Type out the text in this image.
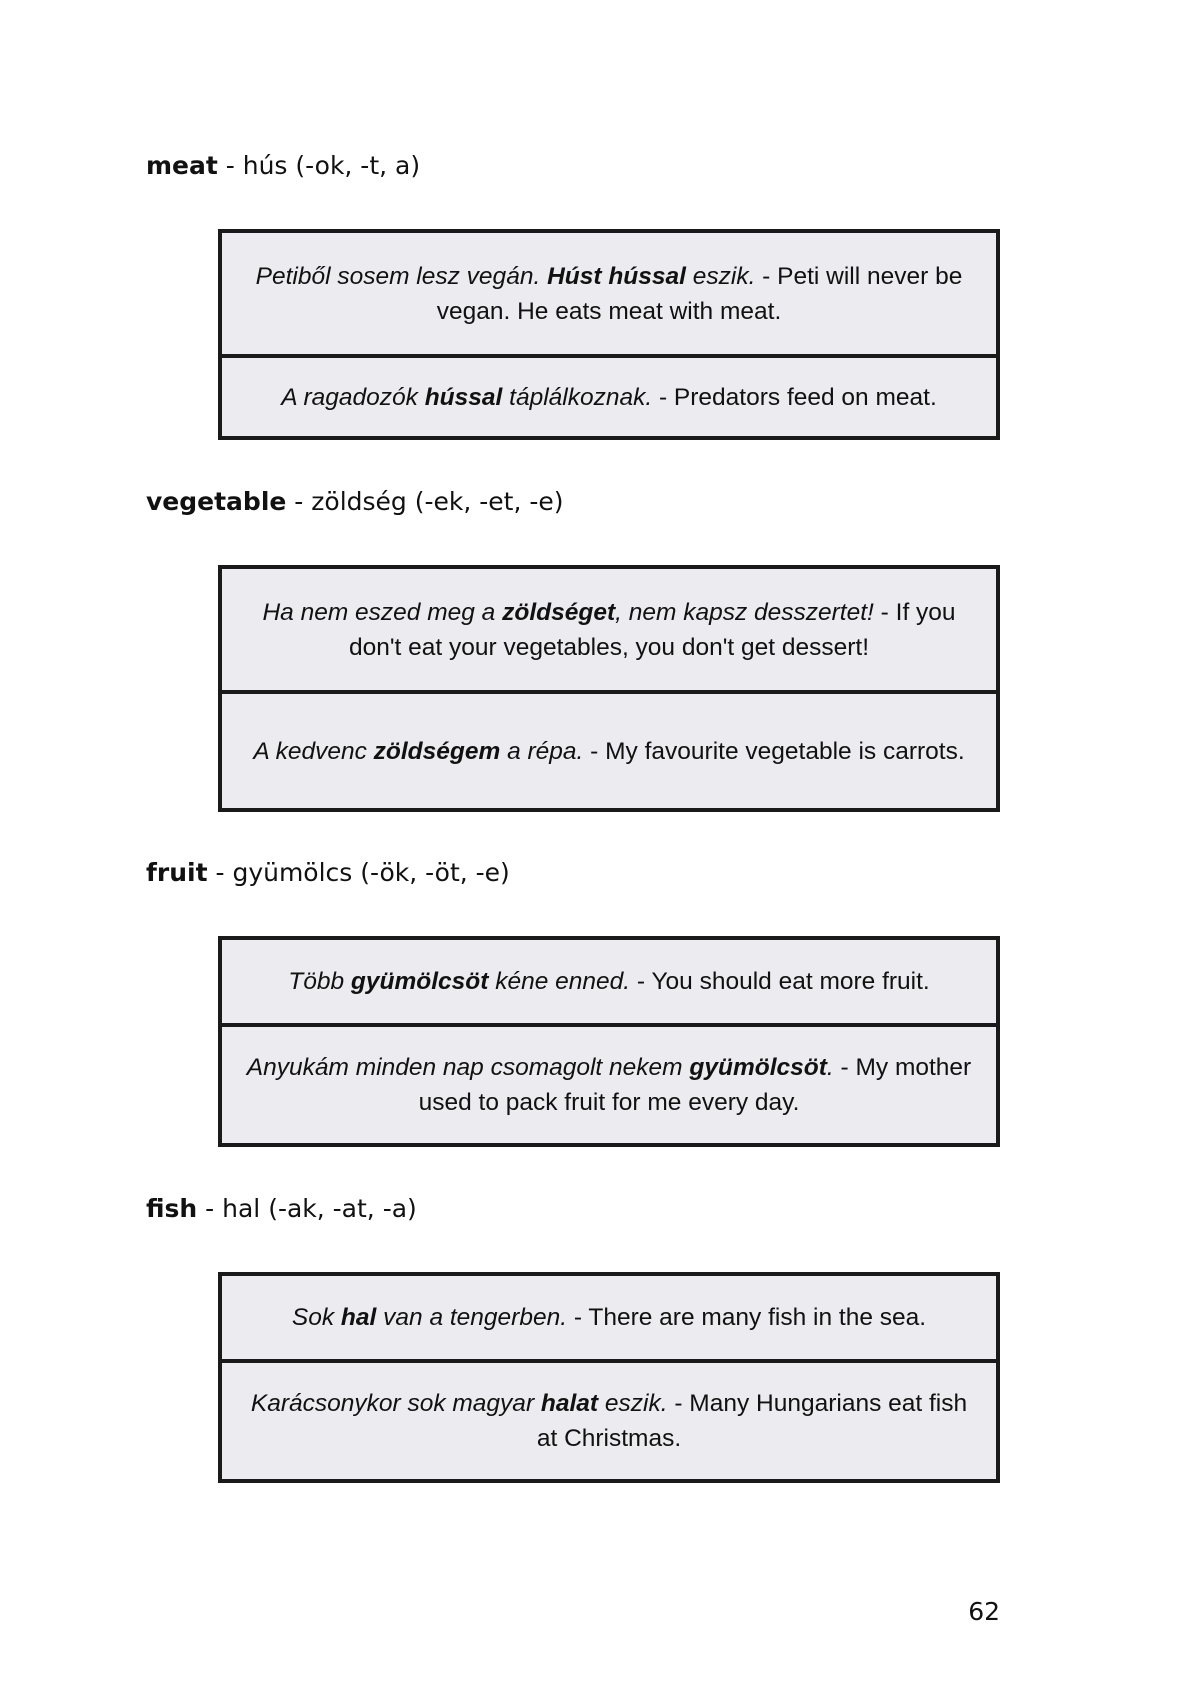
meat - hús (-ok, -t, a)
Petiből sosem lesz vegán. Húst hússal eszik. - Peti will never be vegan. He eats meat with meat.
A ragadozók hússal táplálkoznak. - Predators feed on meat.
vegetable - zöldség (-ek, -et, -e)
Ha nem eszed meg a zöldséget, nem kapsz desszertet! - If you don't eat your vegetables, you don't get dessert!
A kedvenc zöldségem a répa. - My favourite vegetable is carrots.
fruit - gyümölcs (-ök, -öt, -e)
Több gyümölcsöt kéne enned. - You should eat more fruit.
Anyukám minden nap csomagolt nekem gyümölcsöt. - My mother used to pack fruit for me every day.
fish - hal (-ak, -at, -a)
Sok hal van a tengerben. - There are many fish in the sea.
Karácsonykor sok magyar halat eszik. - Many Hungarians eat fish at Christmas.
62
